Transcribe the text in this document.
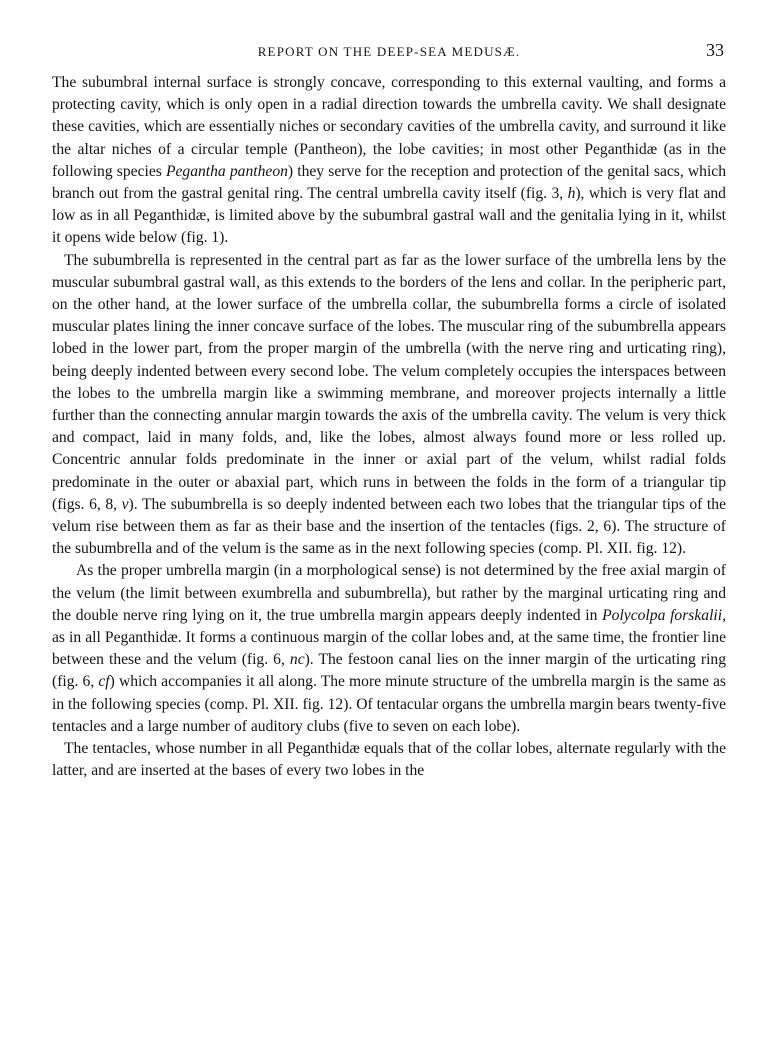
REPORT ON THE DEEP-SEA MEDUSÆ.	33

The subumbral internal surface is strongly concave, corresponding to this external vaulting, and forms a protecting cavity, which is only open in a radial direction towards the umbrella cavity. We shall designate these cavities, which are essentially niches or secondary cavities of the umbrella cavity, and surround it like the altar niches of a circular temple (Pantheon), the lobe cavities; in most other Peganthidæ (as in the following species Pegantha pantheon) they serve for the reception and protection of the genital sacs, which branch out from the gastral genital ring. The central umbrella cavity itself (fig. 3, h), which is very flat and low as in all Peganthidæ, is limited above by the subumbral gastral wall and the genitalia lying in it, whilst it opens wide below (fig. 1).

The subumbrella is represented in the central part as far as the lower surface of the umbrella lens by the muscular subumbral gastral wall, as this extends to the borders of the lens and collar. In the peripheric part, on the other hand, at the lower surface of the umbrella collar, the subumbrella forms a circle of isolated muscular plates lining the inner concave surface of the lobes. The muscular ring of the subumbrella appears lobed in the lower part, from the proper margin of the umbrella (with the nerve ring and urticating ring), being deeply indented between every second lobe. The velum completely occupies the interspaces between the lobes to the umbrella margin like a swimming membrane, and moreover projects internally a little further than the connecting annular margin towards the axis of the umbrella cavity. The velum is very thick and compact, laid in many folds, and, like the lobes, almost always found more or less rolled up. Concentric annular folds predominate in the inner or axial part of the velum, whilst radial folds predominate in the outer or abaxial part, which runs in between the folds in the form of a triangular tip (figs. 6, 8, v). The subumbrella is so deeply indented between each two lobes that the triangular tips of the velum rise between them as far as their base and the insertion of the tentacles (figs. 2, 6). The structure of the subumbrella and of the velum is the same as in the next following species (comp. Pl. XII. fig. 12).

As the proper umbrella margin (in a morphological sense) is not determined by the free axial margin of the velum (the limit between exumbrella and subumbrella), but rather by the marginal urticating ring and the double nerve ring lying on it, the true umbrella margin appears deeply indented in Polycolpa forskalii, as in all Peganthidæ. It forms a continuous margin of the collar lobes and, at the same time, the frontier line between these and the velum (fig. 6, nc). The festoon canal lies on the inner margin of the urticating ring (fig. 6, cf) which accompanies it all along. The more minute structure of the umbrella margin is the same as in the following species (comp. Pl. XII. fig. 12). Of tentacular organs the umbrella margin bears twenty-five tentacles and a large number of auditory clubs (five to seven on each lobe).

The tentacles, whose number in all Peganthidæ equals that of the collar lobes, alternate regularly with the latter, and are inserted at the bases of every two lobes in the
